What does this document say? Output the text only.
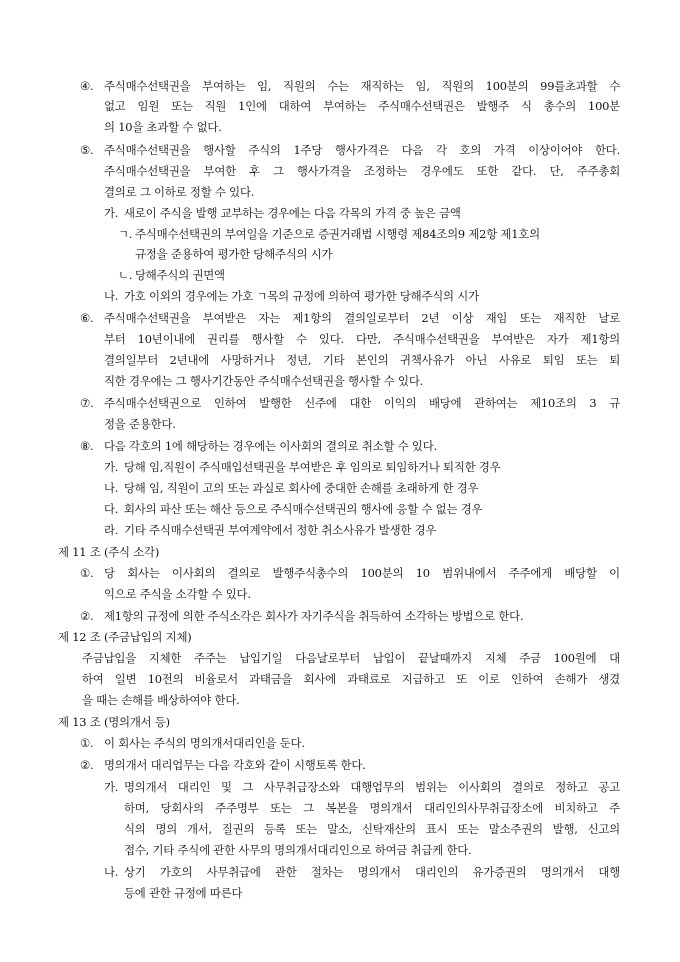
④. 주식매수선택권을 부여하는 임, 직원의 수는 재직하는 임, 직원의 100분의 99를초과할 수
없고 임원 또는 직원 1인에 대하여 부여하는 주식매수선택권은 발행주 식 총수의 100분
의 10을 초과할 수 없다.
⑤. 주식매수선택권을 행사할 주식의 1주당 행사가격은 다음 각 호의 가격 이상이어야 한다.
주식매수선택권을 부여한 후 그 행사가격을 조정하는 경우에도 또한 같다. 단, 주주총회
결의로 그 이하로 정할 수 있다.
가. 새로이 주식을 발행 교부하는 경우에는 다음 각목의 가격 중 높은 금액
ㄱ. 주식매수선택권의 부여일을 기준으로 증권거래법 시행령 제84조의9 제2항 제1호의
규정을 준용하여 평가한 당해주식의 시가
ㄴ. 당해주식의 권면액
나. 가호 이외의 경우에는 가호 ㄱ목의 규정에 의하여 평가한 당해주식의 시가
⑥. 주식매수선택권을 부여받은 자는 제1항의 결의일로부터 2년 이상 재임 또는 재직한 날로
부터 10년이내에 권리를 행사할 수 있다. 다만, 주식매수선택권을 부여받은 자가 제1항의
결의일부터 2년내에 사망하거나 정년, 기타 본인의 귀책사유가 아닌 사유로 퇴임 또는 퇴
직한 경우에는 그 행사기간동안 주식매수선택권을 행사할 수 있다.
⑦. 주식매수선택권으로 인하여 발행한 신주에 대한 이익의 배당에 관하여는 제10조의 3 규
정을 준용한다.
⑧. 다음 각호의 1에 해당하는 경우에는 이사회의 결의로 취소할 수 있다.
가. 당해 임,직원이 주식매입선택권을 부여받은 후 임의로 퇴임하거나 퇴직한 경우
나. 당해 임, 직원이 고의 또는 과실로 회사에 중대한 손해를 초래하게 한 경우
다. 회사의 파산 또는 해산 등으로 주식매수선택권의 행사에 응할 수 없는 경우
라. 기타 주식매수선택권 부여계약에서 정한 취소사유가 발생한 경우
제 11 조 (주식 소각)
①. 당 회사는 이사회의 결의로 발행주식총수의 100분의 10 범위내에서 주주에게 배당할 이
익으로 주식을 소각할 수 있다.
②. 제1항의 규정에 의한 주식소각은 회사가 자기주식을 취득하여 소각하는 방법으로 한다.
제 12 조 (주금납입의 지체)
주금납입을 지체한 주주는 납입기일 다음날로부터 납입이 끝날때까지 지체 주금 100원에 대
하여 일변 10전의 비율로서 과태금을 회사에 과태료로 지급하고 또 이로 인하여 손해가 생겼
을 때는 손해를 배상하여야 한다.
제 13 조 (명의개서 등)
①. 이 회사는 주식의 명의개서대리인을 둔다.
②. 명의개서 대리업무는 다음 각호와 같이 시행토록 한다.
가. 명의개서 대리인 및 그 사무취급장소와 대행업무의 범위는 이사회의 결의로 정하고 공고
하며, 당회사의 주주명부 또는 그 복본을 명의개서 대리인의사무취급장소에 비치하고 주
식의 명의 개서, 질권의 등록 또는 말소, 신탁재산의 표시 또는 말소주권의 발행, 신고의
접수, 기타 주식에 관한 사무의 명의개서대리인으로 하여금 취급케 한다.
나. 상기 가호의 사무취급에 관한 절차는 명의개서 대리인의 유가증권의 명의개서 대행
등에 관한 규정에 따른다
